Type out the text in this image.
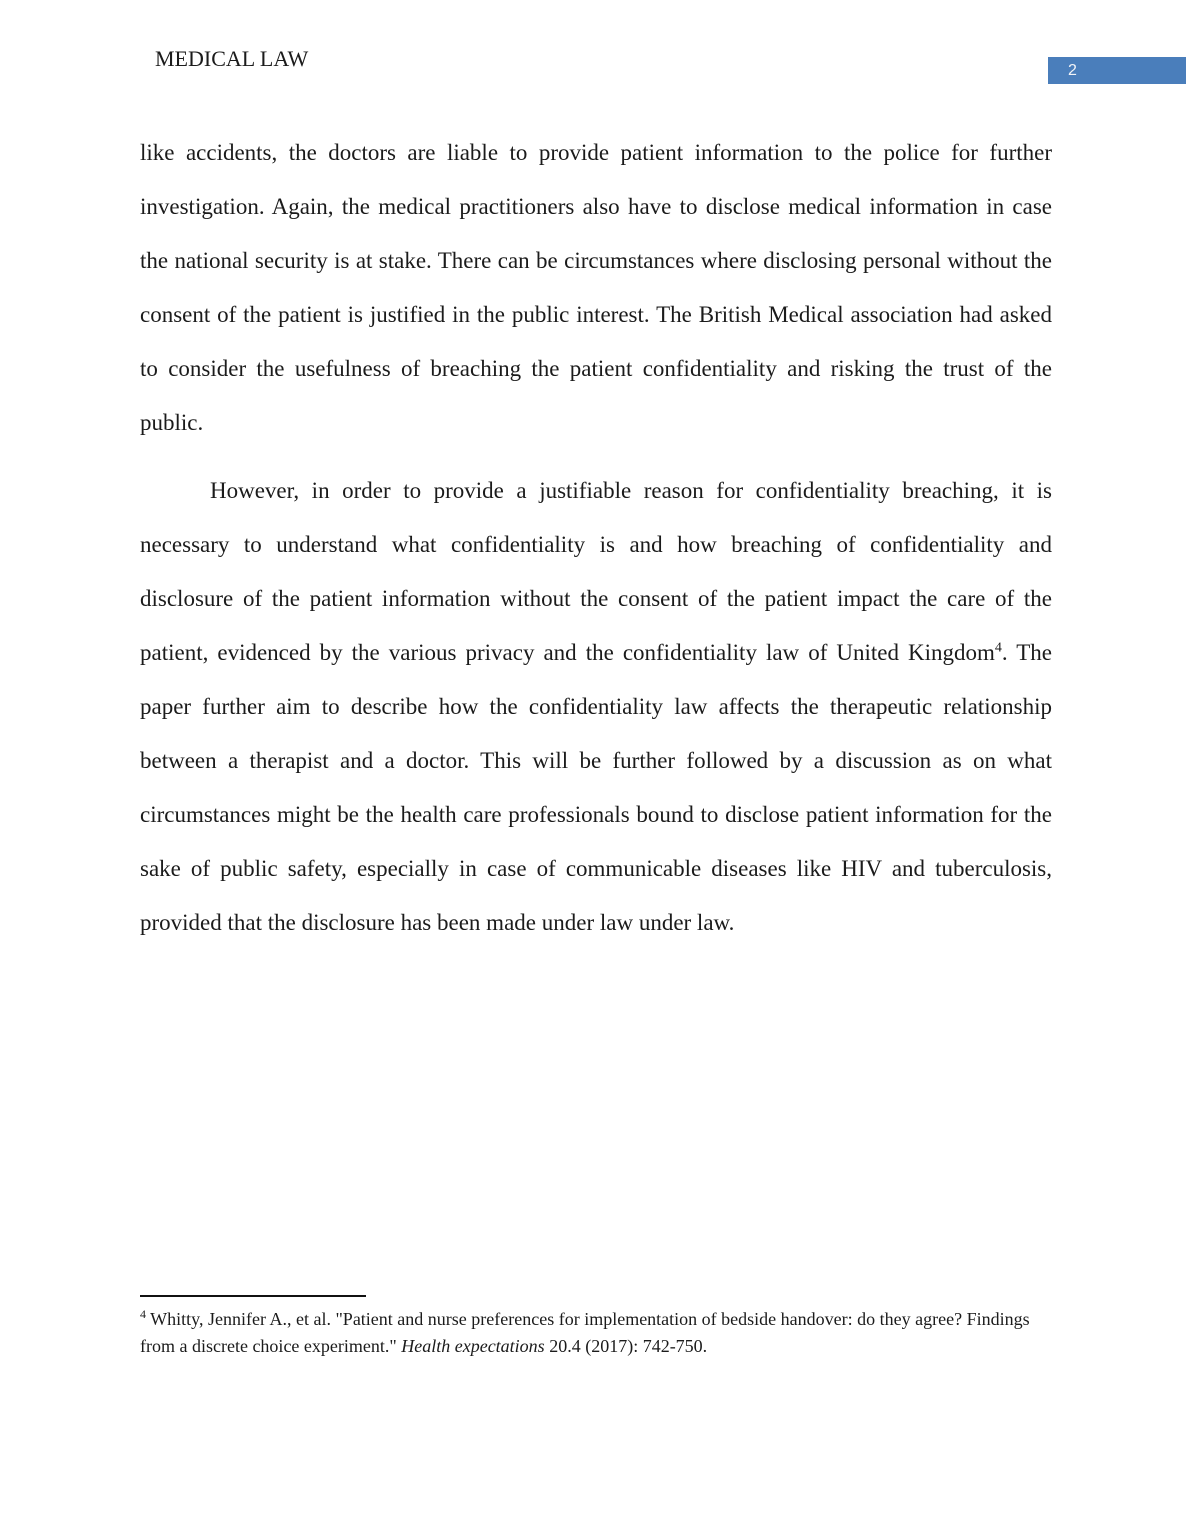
MEDICAL LAW	2

like accidents, the doctors are liable to provide patient information to the police for further investigation. Again, the medical practitioners also have to disclose medical information in case the national security is at stake. There can be circumstances where disclosing personal without the consent of the patient is justified in the public interest. The British Medical association had asked to consider the usefulness of breaching the patient confidentiality and risking the trust of the public.

However, in order to provide a justifiable reason for confidentiality breaching, it is necessary to understand what confidentiality is and how breaching of confidentiality and disclosure of the patient information without the consent of the patient impact the care of the patient, evidenced by the various privacy and the confidentiality law of United Kingdom$^4$. The paper further aim to describe how the confidentiality law affects the therapeutic relationship between a therapist and a doctor. This will be further followed by a discussion as on what circumstances might be the health care professionals bound to disclose patient information for the sake of public safety, especially in case of communicable diseases like HIV and tuberculosis, provided that the disclosure has been made under law under law.

$^4$ Whitty, Jennifer A., et al. "Patient and nurse preferences for implementation of bedside handover: do they agree? Findings from a discrete choice experiment." Health expectations 20.4 (2017): 742-750.
